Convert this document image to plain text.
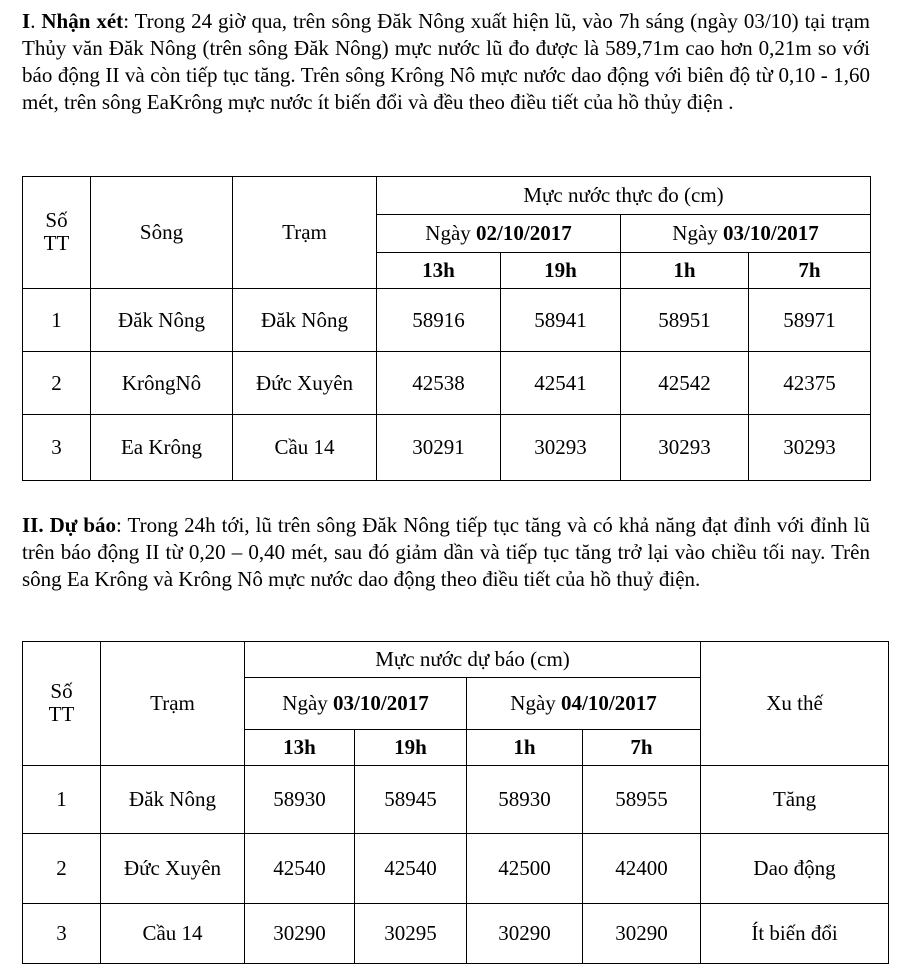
I. Nhận xét: Trong 24 giờ qua, trên sông Đăk Nông xuất hiện lũ, vào 7h sáng (ngày 03/10) tại trạm Thủy văn Đăk Nông (trên sông Đăk Nông) mực nước lũ đo được là 589,71m cao hơn 0,21m so với báo động II và còn tiếp tục tăng. Trên sông Krông Nô mực nước dao động với biên độ từ 0,10 - 1,60 mét, trên sông EaKrông mực nước ít biến đổi và đều theo điều tiết của hồ thủy điện .
Số TT	Sông	Trạm	Mực nước thực đo (cm)			
			Ngày 02/10/2017		Ngày 03/10/2017	
			13h	19h	1h	7h
1	Đăk Nông	Đăk Nông	58916	58941	58951	58971
2	KrôngNô	Đức Xuyên	42538	42541	42542	42375
3	Ea Krông	Cầu 14	30291	30293	30293	30293
II. Dự báo: Trong 24h tới, lũ trên sông Đăk Nông tiếp tục tăng và có khả năng đạt đỉnh với đỉnh lũ trên báo động II từ 0,20 – 0,40 mét, sau đó giảm dần và tiếp tục tăng trở lại vào chiều tối nay. Trên sông Ea Krông và Krông Nô mực nước dao động theo điều tiết của hồ thuỷ điện.
Số TT	Trạm	Mực nước dự báo (cm)				Xu thế
		Ngày 03/10/2017		Ngày 04/10/2017		
		13h	19h	1h	7h	
1	Đăk Nông	58930	58945	58930	58955	Tăng
2	Đức Xuyên	42540	42540	42500	42400	Dao động
3	Cầu 14	30290	30295	30290	30290	Ít biến đổi
